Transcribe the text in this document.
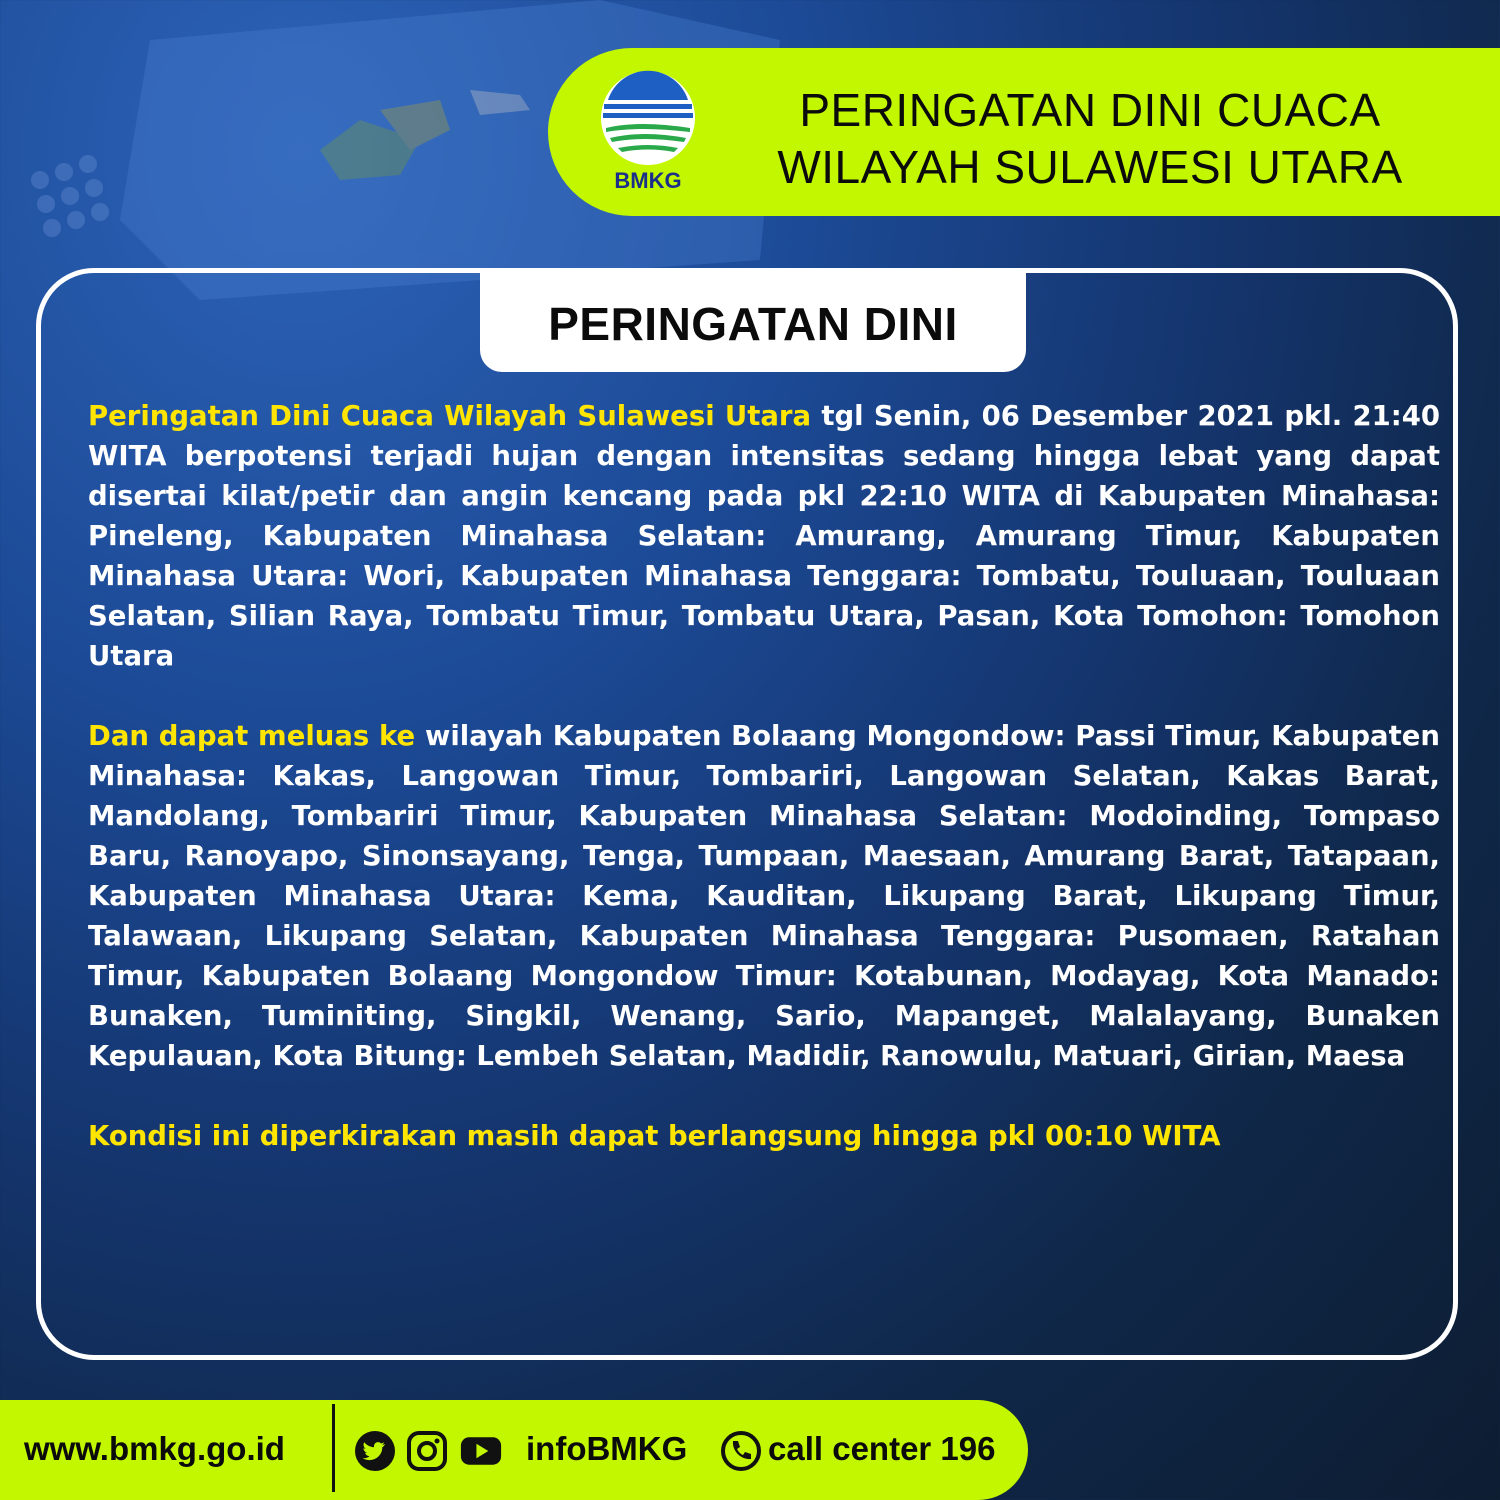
BMKG
PERINGATAN DINI CUACA
WILAYAH SULAWESI UTARA
PERINGATAN DINI

Peringatan Dini Cuaca Wilayah Sulawesi Utara tgl Senin, 06 Desember 2021 pkl. 21:40 WITA berpotensi terjadi hujan dengan intensitas sedang hingga lebat yang dapat disertai kilat/petir dan angin kencang pada pkl 22:10 WITA di Kabupaten Minahasa: Pineleng, Kabupaten Minahasa Selatan: Amurang, Amurang Timur, Kabupaten Minahasa Utara: Wori, Kabupaten Minahasa Tenggara: Tombatu, Touluaan, Touluaan Selatan, Silian Raya, Tombatu Timur, Tombatu Utara, Pasan, Kota Tomohon: Tomohon Utara

Dan dapat meluas ke wilayah Kabupaten Bolaang Mongondow: Passi Timur, Kabupaten Minahasa: Kakas, Langowan Timur, Tombariri, Langowan Selatan, Kakas Barat, Mandolang, Tombariri Timur, Kabupaten Minahasa Selatan: Modoinding, Tompaso Baru, Ranoyapo, Sinonsayang, Tenga, Tumpaan, Maesaan, Amurang Barat, Tatapaan, Kabupaten Minahasa Utara: Kema, Kauditan, Likupang Barat, Likupang Timur, Talawaan, Likupang Selatan, Kabupaten Minahasa Tenggara: Pusomaen, Ratahan Timur, Kabupaten Bolaang Mongondow Timur: Kotabunan, Modayag, Kota Manado: Bunaken, Tuminiting, Singkil, Wenang, Sario, Mapanget, Malalayang, Bunaken Kepulauan, Kota Bitung: Lembeh Selatan, Madidir, Ranowulu, Matuari, Girian, Maesa

Kondisi ini diperkirakan masih dapat berlangsung hingga pkl 00:10 WITA

www.bmkg.go.id	infoBMKG call center 196
